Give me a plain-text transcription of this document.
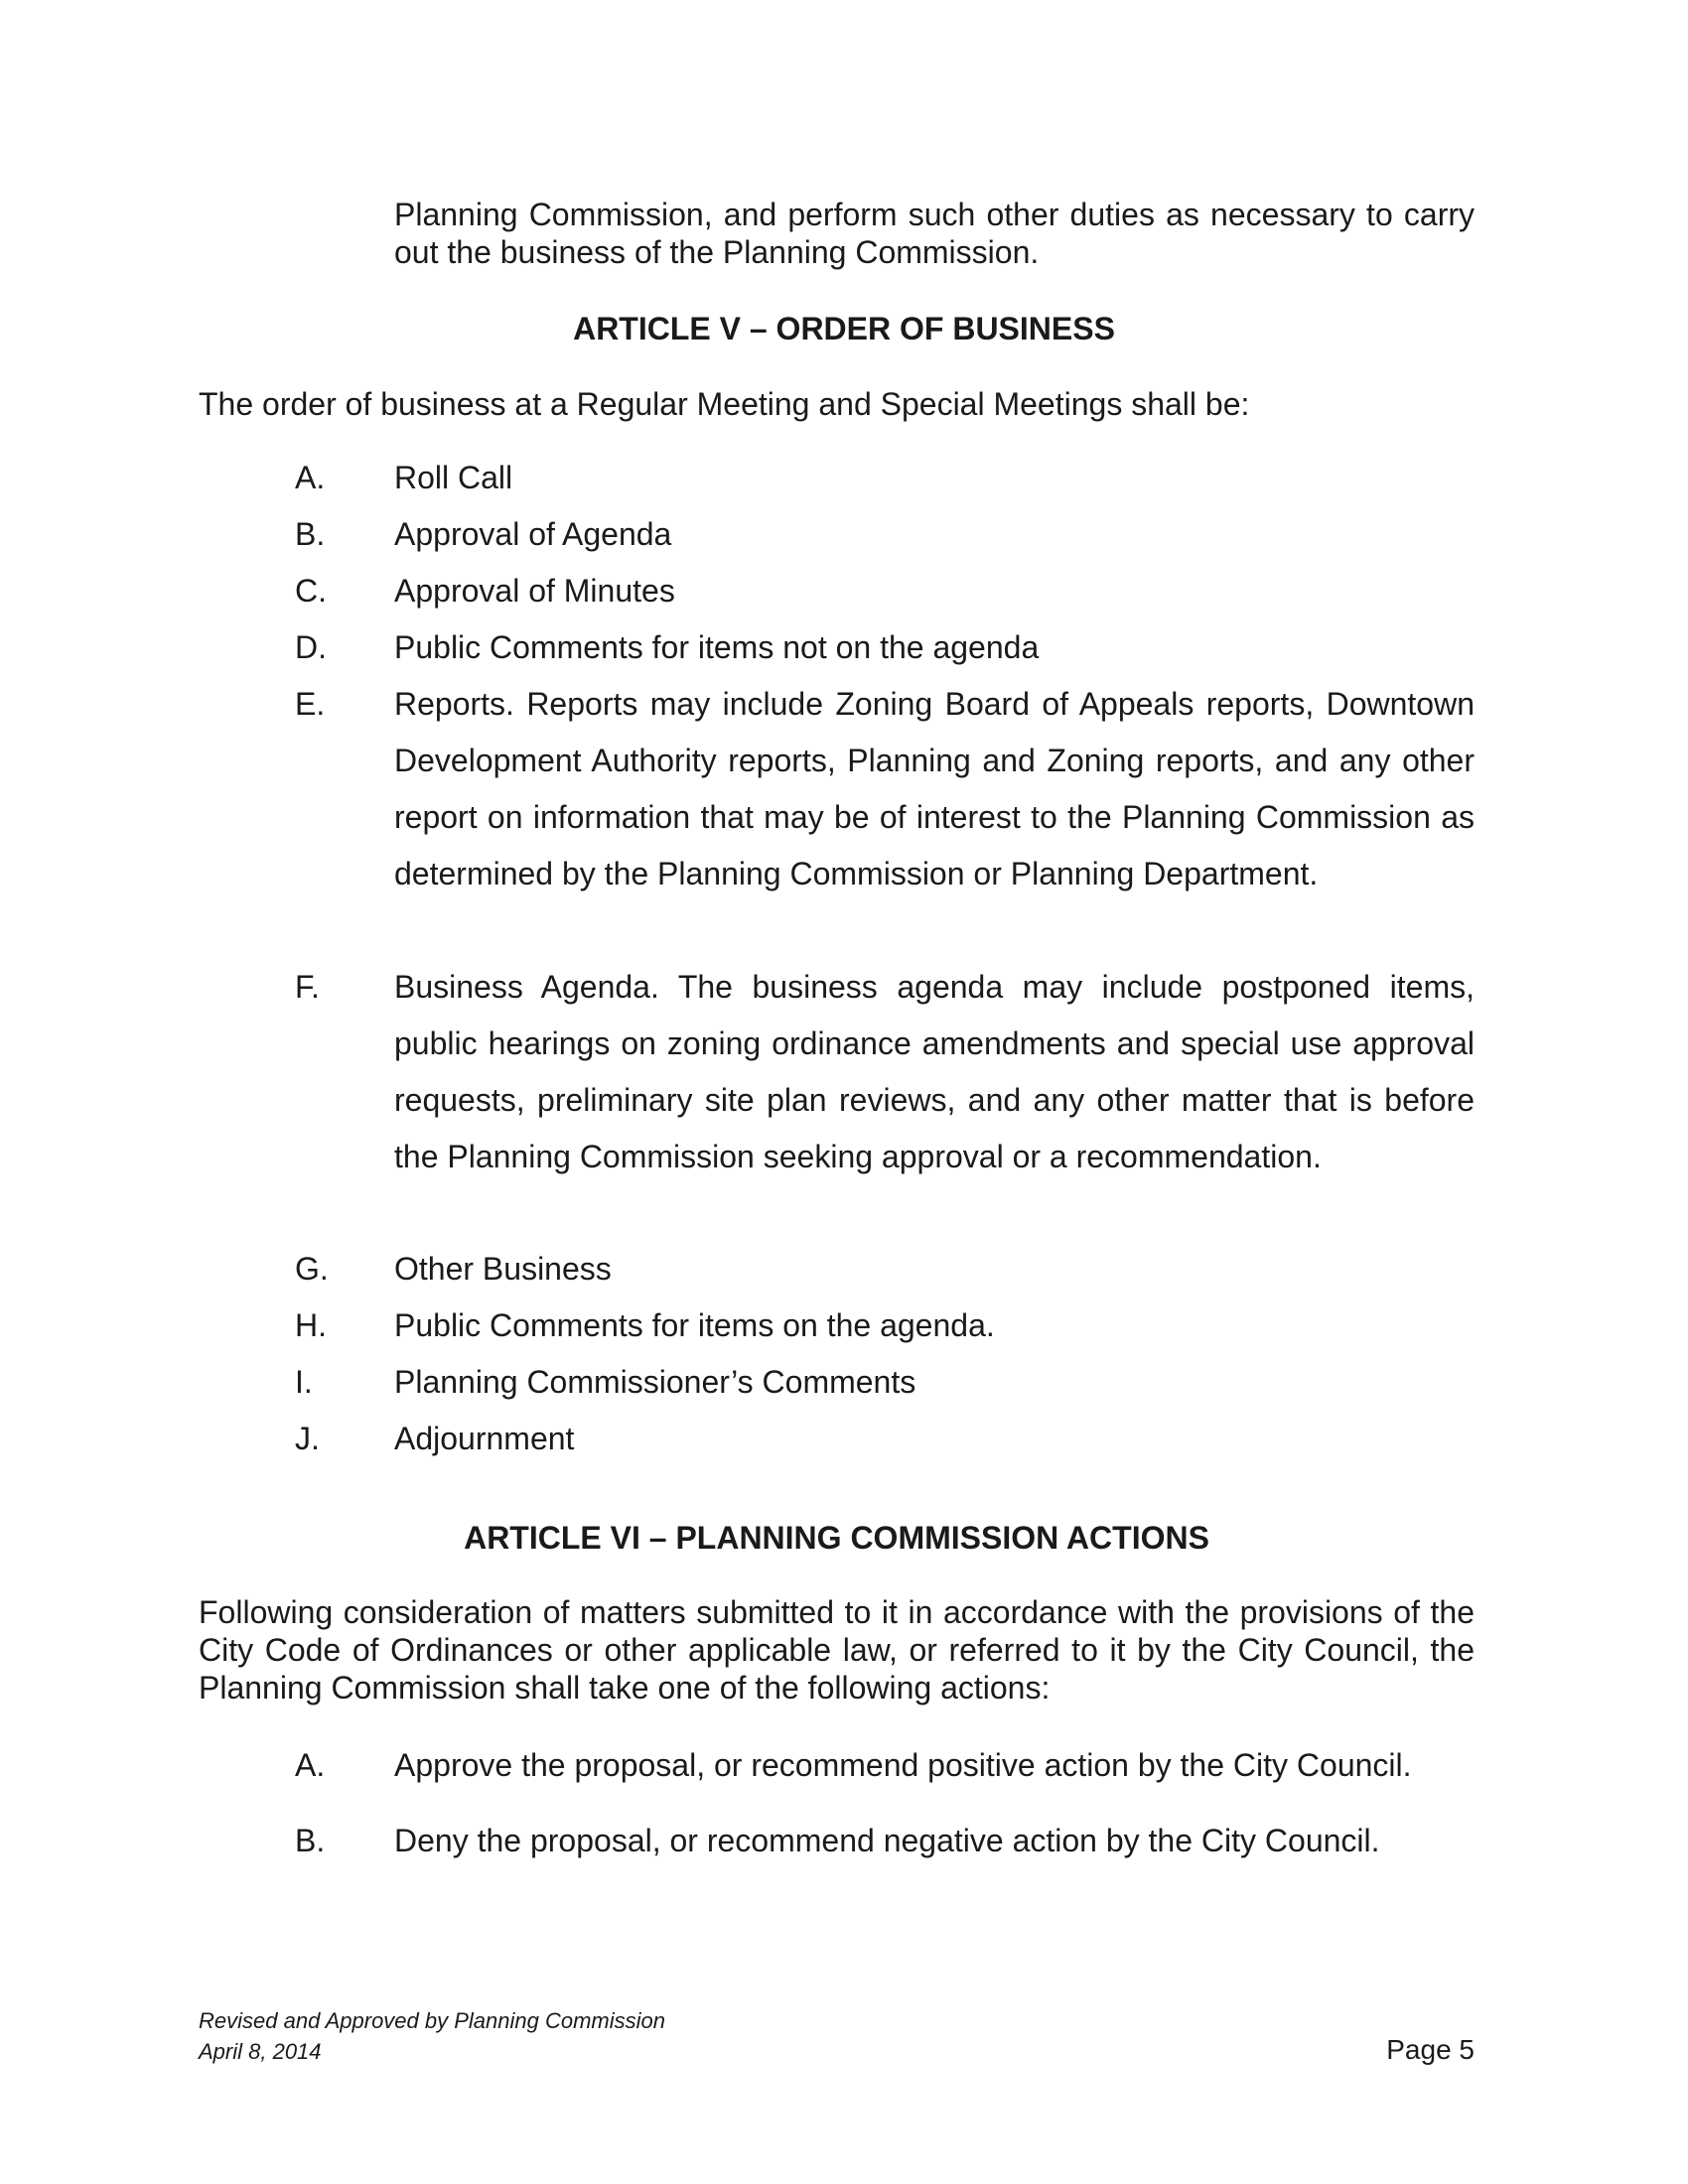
Planning Commission, and perform such other duties as necessary to carry out the business of the Planning Commission.

ARTICLE V – ORDER OF BUSINESS

The order of business at a Regular Meeting and Special Meetings shall be:

A.	Roll Call
B.	Approval of Agenda
C.	Approval of Minutes
D.	Public Comments for items not on the agenda
E.	Reports. Reports may include Zoning Board of Appeals reports, Downtown Development Authority reports, Planning and Zoning reports, and any other report on information that may be of interest to the Planning Commission as determined by the Planning Commission or Planning Department.
F.	Business Agenda. The business agenda may include postponed items, public hearings on zoning ordinance amendments and special use approval requests, preliminary site plan reviews, and any other matter that is before the Planning Commission seeking approval or a recommendation.
G.	Other Business
H.	Public Comments for items on the agenda.
I.	Planning Commissioner’s Comments
J.	Adjournment
ARTICLE VI – PLANNING COMMISSION ACTIONS

Following consideration of matters submitted to it in accordance with the provisions of the City Code of Ordinances or other applicable law, or referred to it by the City Council, the Planning Commission shall take one of the following actions:

A.	Approve the proposal, or recommend positive action by the City Council.
B.	Deny the proposal, or recommend negative action by the City Council.
Revised and Approved by Planning Commission
April 8, 2014	Page 5
